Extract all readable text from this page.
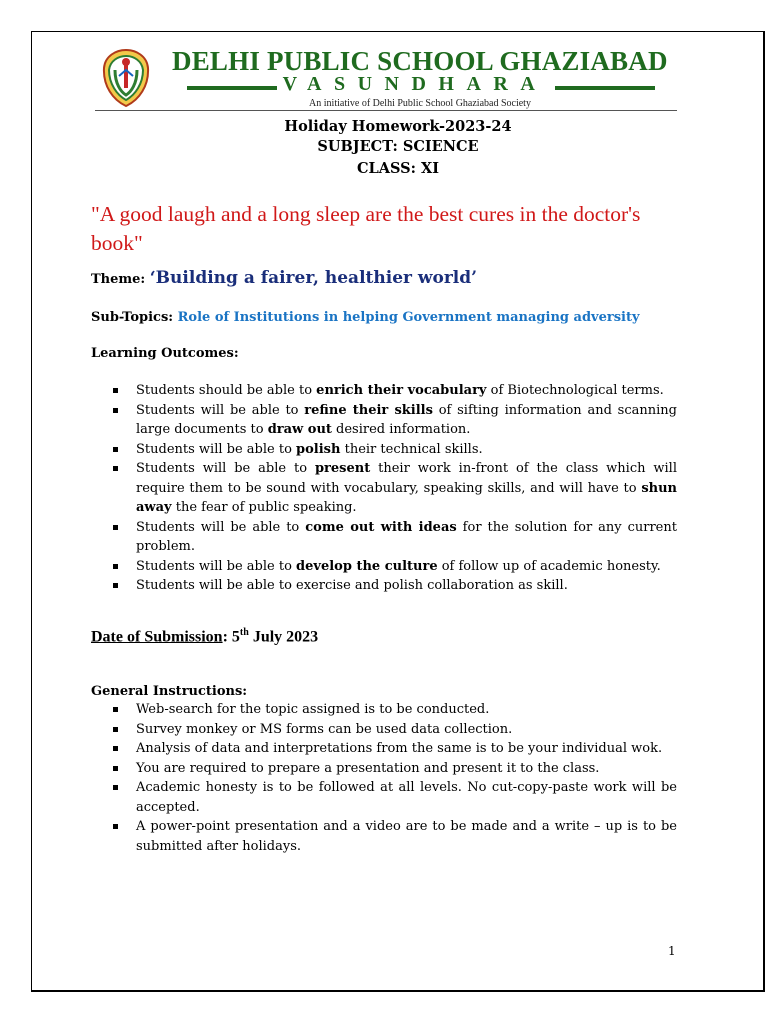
DELHI PUBLIC SCHOOL GHAZIABAD
VASUNDHARA
An initiative of Delhi Public School Ghaziabad Society
Holiday Homework-2023-24
SUBJECT: SCIENCE
CLASS: XI
"A good laugh and a long sleep are the best cures in the doctor's book"
Theme: ‘Building a fairer, healthier world’
Sub-Topics: Role of Institutions in helping Government managing adversity
Learning Outcomes:
Students should be able to enrich their vocabulary of Biotechnological terms.
Students will be able to refine their skills of sifting information and scanning large documents to draw out desired information.
Students will be able to polish their technical skills.
Students will be able to present their work in-front of the class which will require them to be sound with vocabulary, speaking skills, and will have to shun away the fear of public speaking.
Students will be able to come out with ideas for the solution for any current problem.
Students will be able to develop the culture of follow up of academic honesty.
Students will be able to exercise and polish collaboration as skill.
Date of Submission: 5th July 2023
General Instructions:
Web-search for the topic assigned is to be conducted.
Survey monkey or MS forms can be used data collection.
Analysis of data and interpretations from the same is to be your individual wok.
You are required to prepare a presentation and present it to the class.
Academic honesty is to be followed at all levels. No cut-copy-paste work will be accepted.
A power-point presentation and a video are to be made and a write – up is to be submitted after holidays.
1
